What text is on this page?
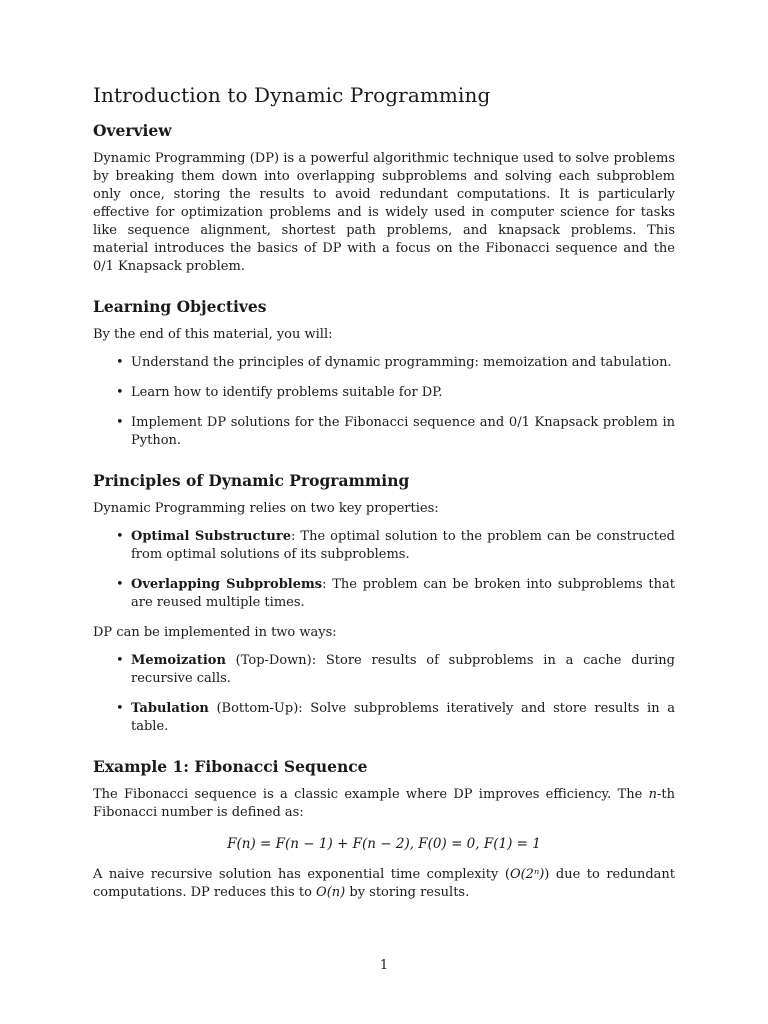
Introduction to Dynamic Programming
Overview

Dynamic Programming (DP) is a powerful algorithmic technique used to solve problems by breaking them down into overlapping subproblems and solving each subproblem only once, storing the results to avoid redundant computations. It is particularly effective for optimization problems and is widely used in computer science for tasks like sequence alignment, shortest path problems, and knapsack problems. This material introduces the basics of DP with a focus on the Fibonacci sequence and the 0/1 Knapsack problem.

Learning Objectives

By the end of this material, you will:

• Understand the principles of dynamic programming: memoization and tabulation.
• Learn how to identify problems suitable for DP.
• Implement DP solutions for the Fibonacci sequence and 0/1 Knapsack problem in Python.
Principles of Dynamic Programming

Dynamic Programming relies on two key properties:

• Optimal Substructure: The optimal solution to the problem can be constructed from optimal solutions of its subproblems.
• Overlapping Subproblems: The problem can be broken into subproblems that are reused multiple times.

DP can be implemented in two ways:

• Memoization (Top-Down): Store results of subproblems in a cache during recursive calls.
• Tabulation (Bottom-Up): Solve subproblems iteratively and store results in a table.
Example 1: Fibonacci Sequence

The Fibonacci sequence is a classic example where DP improves efficiency. The n-th Fibonacci number is defined as:

F(n) = F(n − 1) + F(n − 2), F(0) = 0, F(1) = 1

A naive recursive solution has exponential time complexity (O(2ⁿ)) due to redundant computations. DP reduces this to O(n) by storing results.

1
